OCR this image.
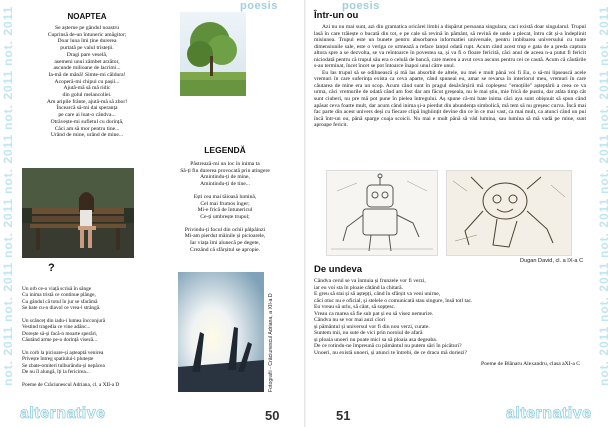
not. 2011
not. 2011
not. 2011
not. 2011
not. 2011
not. 2011
poesis
NOAPTEA
Se așterne pe gândul noastru
Cuprinsă de-un întuneric amăgitor;
Doar luna îmi ține durerea
purtată pe valul tristeții.
Dragi pare veselă,
asemeni unui zâmbet arzător,
ascunde milioane de lacrimi...
Ia-mă de mână! Simte-mi căldura!
Acoperă-mi chipul cu pașii...
Ajută-mă să mă ridic
din golul melancoliei.
Am aripile frânte, ajută-mă să zbor!
Încearcă să-mi dai speranța
pe care ai luat-o cândva...
Otrăvește-mi sufletul cu dorință,
Căci am să mor pentru tine...
Urând de mine, urând de mine...
?
Un orb ce-o viață scrisă în sânge
Cu inima tristă ce continue plânge,
Cu gândul că totul în jur se sfarâmă
Se bate cu-n diavol ce vrea-l strângă.

Un scânceț din iadu-i lumea încconjură
Vestind tragedia ce vine adânc...
Dorește să-și facă-n moarte sperări,
Căutând arme pe-o dorință viseză...

Un corb la picioare-și așteaptă venirea
Privește întreg spatiului-i plutește
Se zbate-omiteri tulburându-și nepăcea
De nu îl alungă, îți la fericirea...

Poeme de Crăciunescul Adriana, cl. a XII-a D
LEGENDĂ
Păstrează-mi un loc în inima ta
Să-ți fiu durerea provocată prin atingere
Amintindu-ți de mine,
Amintindu-ți de tine...
Ești cea mai tăioasă lumină,
Cel mai frumos înger;
Mi-e frică de întunericul
Ce-ți umbrește trupul;
Privindu-ți focul din ochii pâlpâinzi
Mi-am pierdut mâinile și picioarele,
Iar viața îmi alunecă pe degete,
Crezând că sfârșitul se apropie.
Fotografii - Crăciunescul Adriana, a XII-a D
alternative	50
poesis	not. 2011
not. 2011
not. 2011
not. 2011
not. 2011
not. 2011
Într-un ou

Azi nu nu mai sunt, azi din gramatica oricărei limbi a dispărut persoana singulara, caci există doar singularul. Trupul lasă în care trăiește o bucată din tot, e pe cale să revină în pământ, să revină de unde a plecat, întru cât și-a îndeplinit misiunea. Trupul este un bunete pentru absorbarea informatiei universale, pentru imbibarea universului cu toate dimensiunile sale, este o veriga ce urmează a reface lanțul odată rupt. Acum când acest trup e gata de a preda captura altora spre a se dezvolta, se va reîntoarce în povestea sa, și va fi o floare fericită, căci anul de aceea n-a putut fi fericit niciodată pentru că trupul său era o celulă de bancă, care mereu a avut ceva ascuns pentru cei ce caută. Acum că căutările s-au terminat, încet încet se pot întoarce înapoi unul către unul.

Eu las trupul să se odihnească și mă las absorbit de altele, nu mei e mult până voi fi Eu, o să-mi lipsească acele vremuri în care suferința exista ca ceva aparte, când spuneai eu, amar se revarsa în interiorul meu, vremuri în care căutarea de mine era un scop. Acum când sunt în pragul desăvârșirii mă copleșesc "emoțiile" așteptării a ceea ce va urma, căci vremurile de odată când am fost dar am făcut greșeala, nu le mai știu, mie frică de pustiu, dar atâta timp cât sunt ciuberi, nu pre mă pot pune în pielea întregului. Aș spune că-mi bate inima căci aya sunt obișnuit să spun când apăsat ceva foarte mult, dar acum când inima și-a pierdut din abundența simbolică, mă tem să nu greșesc curva. Încă mai fac parte din acest univers deși cu fiecare clipă înghiințit devine din ce în ce mai vast, ca mai mult, ca atunci când un pui încă într-un ou, până spargе coaja scoicii. Nu mai e mult până să văd lumina, sau lumina să mă vadă pe mine, sunt aproape fericit.

Dugan David, cl. a IX-a C
De undeva
Cândva cerul se va înmuia și frunzele vor fi verzi,
iar eu voi sta în ploaie câtând la chitară.
E greu să stai și să aștepți, când în sfârșit va veni unirne,
căci otuc nu e oficial, și stelele o comunicată stau singure, însă totl tac.
Eu vreau să urlu, să cânt, să sopțesc.
Vreau ca marea să fie sub pat și eu să visez nemurire.
Cândva nu se vor mai auzi cîori
și pământul și universul vor fi din nou verzi, curate.
Suntem mii, nu sute de vici prin noroiul de afară
și ploaia unoeri nu poate mici sa să ploaia asa degeaba.
De ce rotindu-ne împreună cu pământul nu putem sări în picături?
Unoeri, nu există unoeri, și atunci te întrebi, de ce dracu mă doriezi?
Poeme de Blănaru Alexandru, clasa aXI-a C
51	alternative
